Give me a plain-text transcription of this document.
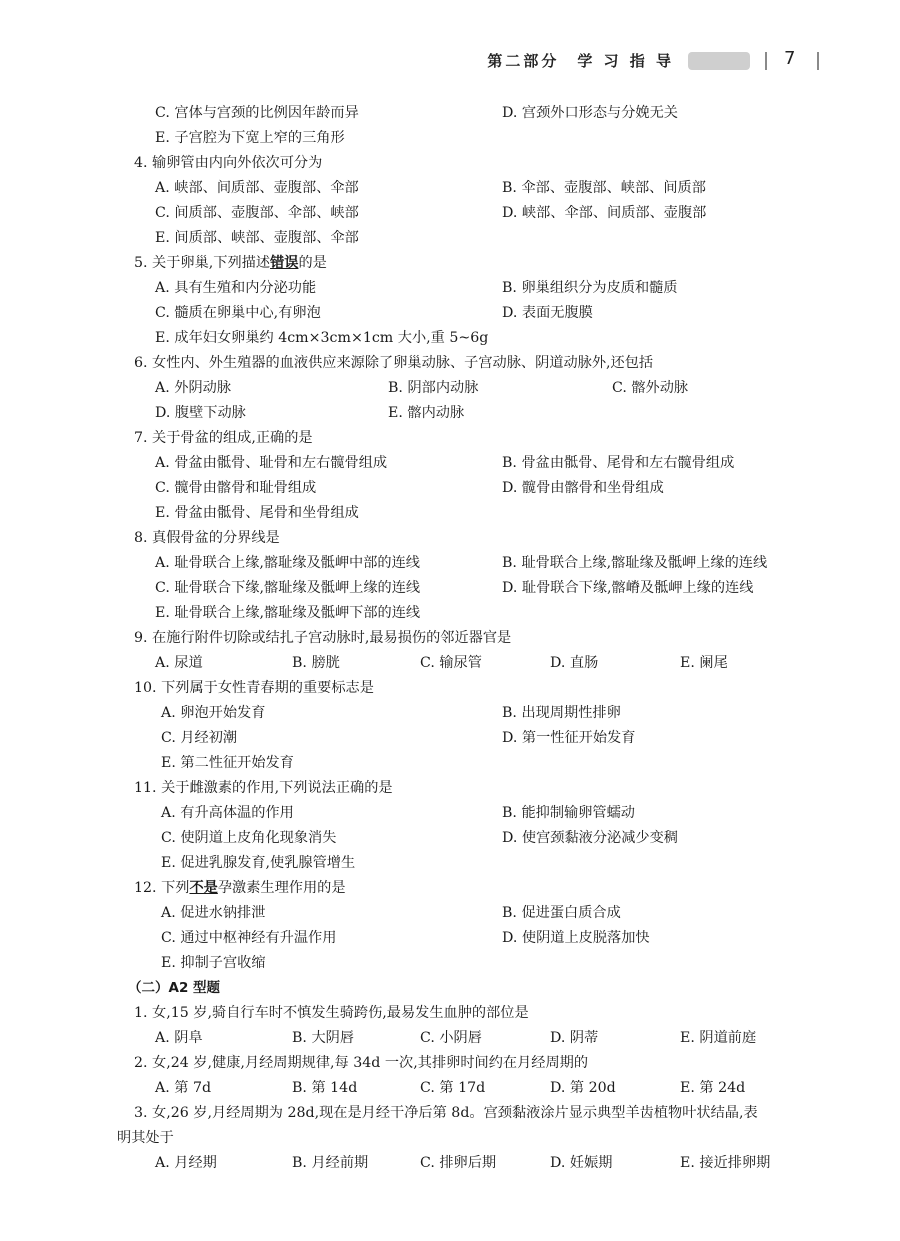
第二部分　学 习 指 导	7
C. 宫体与宫颈的比例因年龄而异	D. 宫颈外口形态与分娩无关
E. 子宫腔为下宽上窄的三角形
4. 输卵管由内向外依次可分为
A. 峡部、间质部、壶腹部、伞部	B. 伞部、壶腹部、峡部、间质部
C. 间质部、壶腹部、伞部、峡部	D. 峡部、伞部、间质部、壶腹部
E. 间质部、峡部、壶腹部、伞部
5. 关于卵巢,下列描述错误的是
A. 具有生殖和内分泌功能	B. 卵巢组织分为皮质和髓质
C. 髓质在卵巢中心,有卵泡	D. 表面无腹膜
E. 成年妇女卵巢约 4cm×3cm×1cm 大小,重 5~6g
6. 女性内、外生殖器的血液供应来源除了卵巢动脉、子宫动脉、阴道动脉外,还包括
A. 外阴动脉	B. 阴部内动脉	C. 髂外动脉
D. 腹壁下动脉	E. 髂内动脉
7. 关于骨盆的组成,正确的是
A. 骨盆由骶骨、耻骨和左右髋骨组成	B. 骨盆由骶骨、尾骨和左右髋骨组成
C. 髋骨由髂骨和耻骨组成	D. 髋骨由髂骨和坐骨组成
E. 骨盆由骶骨、尾骨和坐骨组成
8. 真假骨盆的分界线是
A. 耻骨联合上缘,髂耻缘及骶岬中部的连线	B. 耻骨联合上缘,髂耻缘及骶岬上缘的连线
C. 耻骨联合下缘,髂耻缘及骶岬上缘的连线	D. 耻骨联合下缘,髂嵴及骶岬上缘的连线
E. 耻骨联合上缘,髂耻缘及骶岬下部的连线
9. 在施行附件切除或结扎子宫动脉时,最易损伤的邻近器官是
A. 尿道	B. 膀胱	C. 输尿管	D. 直肠	E. 阑尾
10. 下列属于女性青春期的重要标志是
A. 卵泡开始发育	B. 出现周期性排卵
C. 月经初潮	D. 第一性征开始发育
E. 第二性征开始发育
11. 关于雌激素的作用,下列说法正确的是
A. 有升高体温的作用	B. 能抑制输卵管蠕动
C. 使阴道上皮角化现象消失	D. 使宫颈黏液分泌减少变稠
E. 促进乳腺发育,使乳腺管增生
12. 下列不是孕激素生理作用的是
A. 促进水钠排泄	B. 促进蛋白质合成
C. 通过中枢神经有升温作用	D. 使阴道上皮脱落加快
E. 抑制子宫收缩
（二）A2 型题
1. 女,15 岁,骑自行车时不慎发生骑跨伤,最易发生血肿的部位是
A. 阴阜	B. 大阴唇	C. 小阴唇	D. 阴蒂	E. 阴道前庭
2. 女,24 岁,健康,月经周期规律,每 34d 一次,其排卵时间约在月经周期的
A. 第 7d	B. 第 14d	C. 第 17d	D. 第 20d	E. 第 24d
3. 女,26 岁,月经周期为 28d,现在是月经干净后第 8d。宫颈黏液涂片显示典型羊齿植物叶状结晶,表
明其处于
A. 月经期	B. 月经前期	C. 排卵后期	D. 妊娠期	E. 接近排卵期
